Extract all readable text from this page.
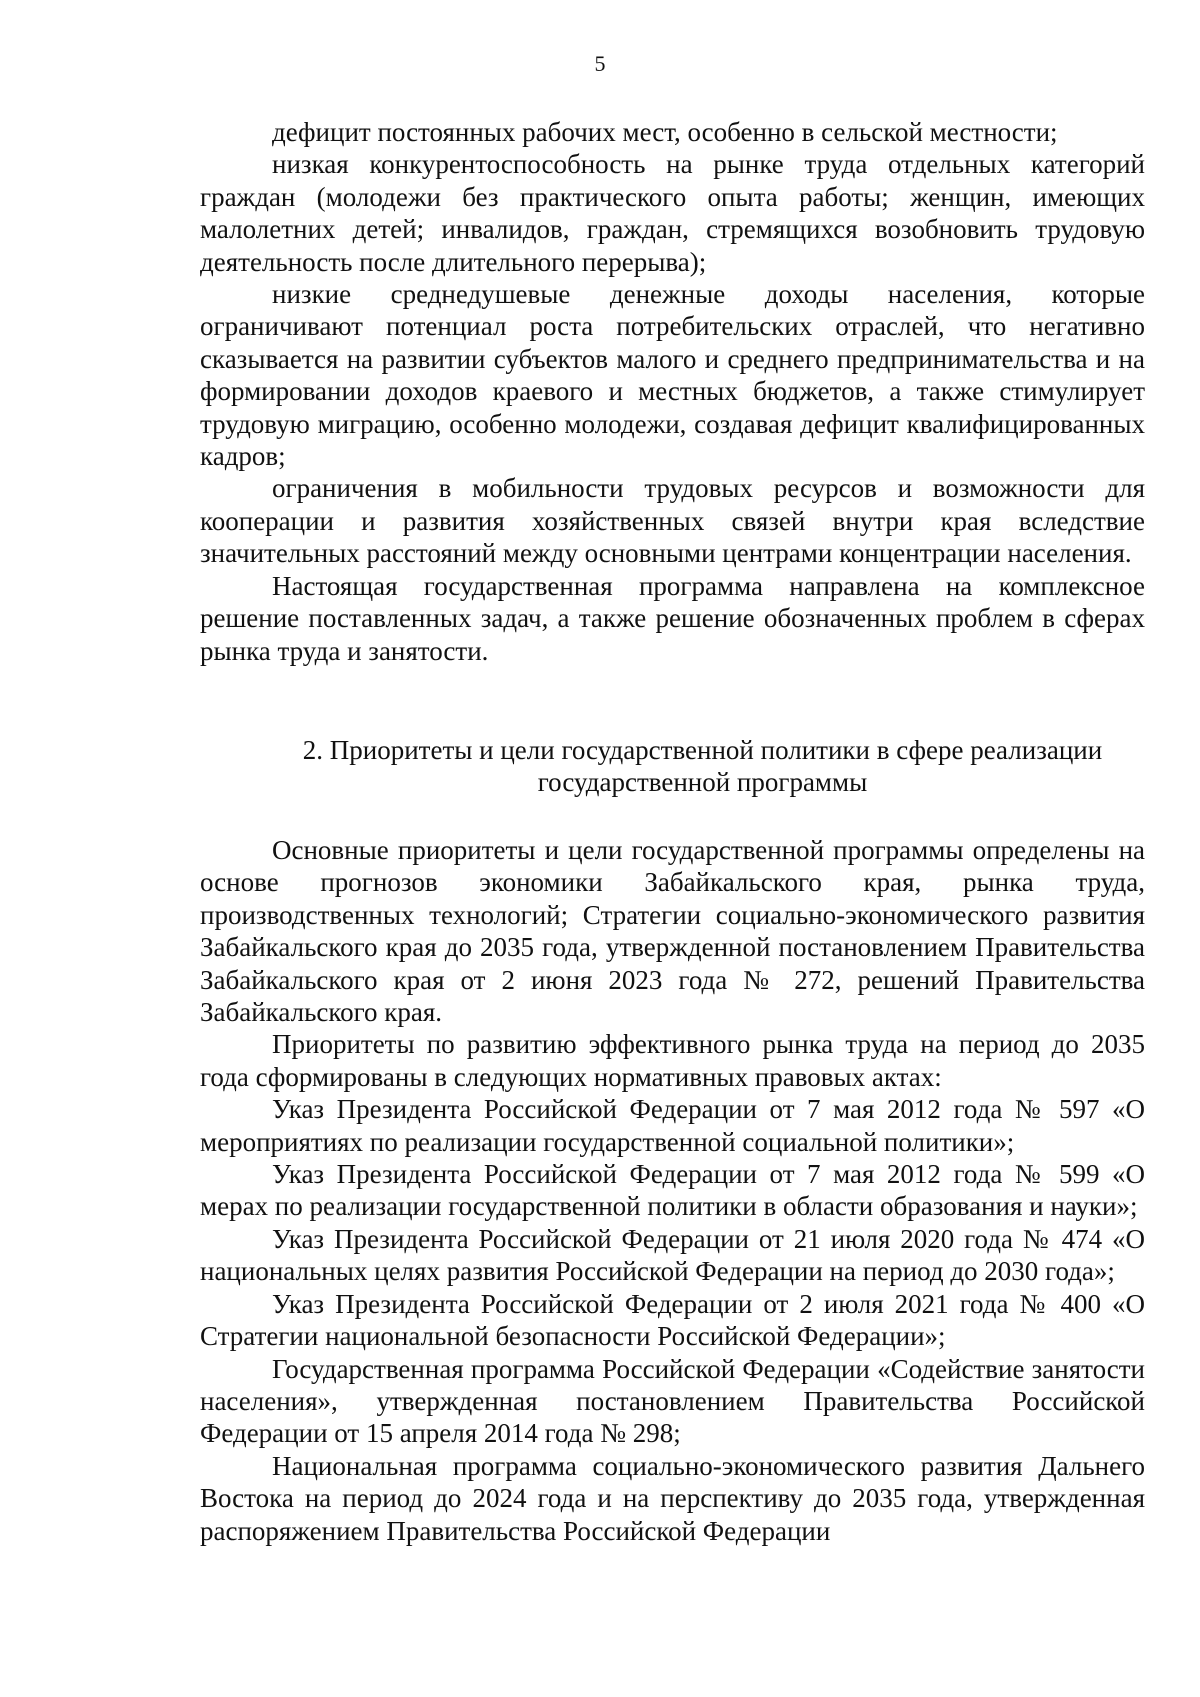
5

дефицит постоянных рабочих мест, особенно в сельской местности;

низкая конкурентоспособность на рынке труда отдельных категорий граждан (молодежи без практического опыта работы; женщин, имеющих малолетних детей; инвалидов, граждан, стремящихся возобновить трудовую деятельность после длительного перерыва);

низкие среднедушевые денежные доходы населения, которые ограничивают потенциал роста потребительских отраслей, что негативно сказывается на развитии субъектов малого и среднего предпринимательства и на формировании доходов краевого и местных бюджетов, а также стимулирует трудовую миграцию, особенно молодежи, создавая дефицит квалифицированных кадров;

ограничения в мобильности трудовых ресурсов и возможности для кооперации и развития хозяйственных связей внутри края вследствие значительных расстояний между основными центрами концентрации населения.

Настоящая государственная программа направлена на комплексное решение поставленных задач, а также решение обозначенных проблем в сферах рынка труда и занятости.

2. Приоритеты и цели государственной политики в сфере реализации
государственной программы

Основные приоритеты и цели государственной программы определены на основе прогнозов экономики Забайкальского края, рынка труда, производственных технологий; Стратегии социально-экономического развития Забайкальского края до 2035 года, утвержденной постановлением Правительства Забайкальского края от 2 июня 2023 года № 272, решений Правительства Забайкальского края.

Приоритеты по развитию эффективного рынка труда на период до 2035 года сформированы в следующих нормативных правовых актах:

Указ Президента Российской Федерации от 7 мая 2012 года № 597 «О мероприятиях по реализации государственной социальной политики»;

Указ Президента Российской Федерации от 7 мая 2012 года № 599 «О мерах по реализации государственной политики в области образования и науки»;

Указ Президента Российской Федерации от 21 июля 2020 года № 474 «О национальных целях развития Российской Федерации на период до 2030 года»;

Указ Президента Российской Федерации от 2 июля 2021 года № 400 «О Стратегии национальной безопасности Российской Федерации»;

Государственная программа Российской Федерации «Содействие занятости населения», утвержденная постановлением Правительства Российской Федерации от 15 апреля 2014 года № 298;

Национальная программа социально-экономического развития Дальнего Востока на период до 2024 года и на перспективу до 2035 года, утвержденная распоряжением Правительства Российской Федерации
